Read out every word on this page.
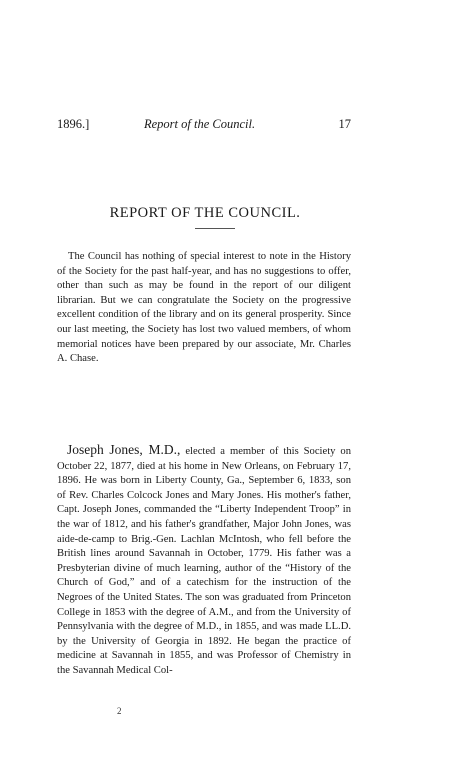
1896.]	Report of the Council.	17
REPORT OF THE COUNCIL.

The Council has nothing of special interest to note in the History of the Society for the past half-year, and has no suggestions to offer, other than such as may be found in the report of our diligent librarian. But we can congratulate the Society on the progressive excellent condition of the library and on its general prosperity. Since our last meeting, the Society has lost two valued members, of whom memorial notices have been prepared by our associate, Mr. Charles A. Chase.

Joseph Jones, M.D., elected a member of this Society on October 22, 1877, died at his home in New Orleans, on February 17, 1896. He was born in Liberty County, Ga., September 6, 1833, son of Rev. Charles Colcock Jones and Mary Jones. His mother's father, Capt. Joseph Jones, commanded the “Liberty Independent Troop” in the war of 1812, and his father's grandfather, Major John Jones, was aide-de-camp to Brig.-Gen. Lachlan McIntosh, who fell before the British lines around Savannah in October, 1779. His father was a Presbyterian divine of much learning, author of the “History of the Church of God,” and of a catechism for the instruction of the Negroes of the United States. The son was graduated from Princeton College in 1853 with the degree of A.M., and from the University of Pennsylvania with the degree of M.D., in 1855, and was made LL.D. by the University of Georgia in 1892. He began the practice of medicine at Savannah in 1855, and was Professor of Chemistry in the Savannah Medical Col-

2
